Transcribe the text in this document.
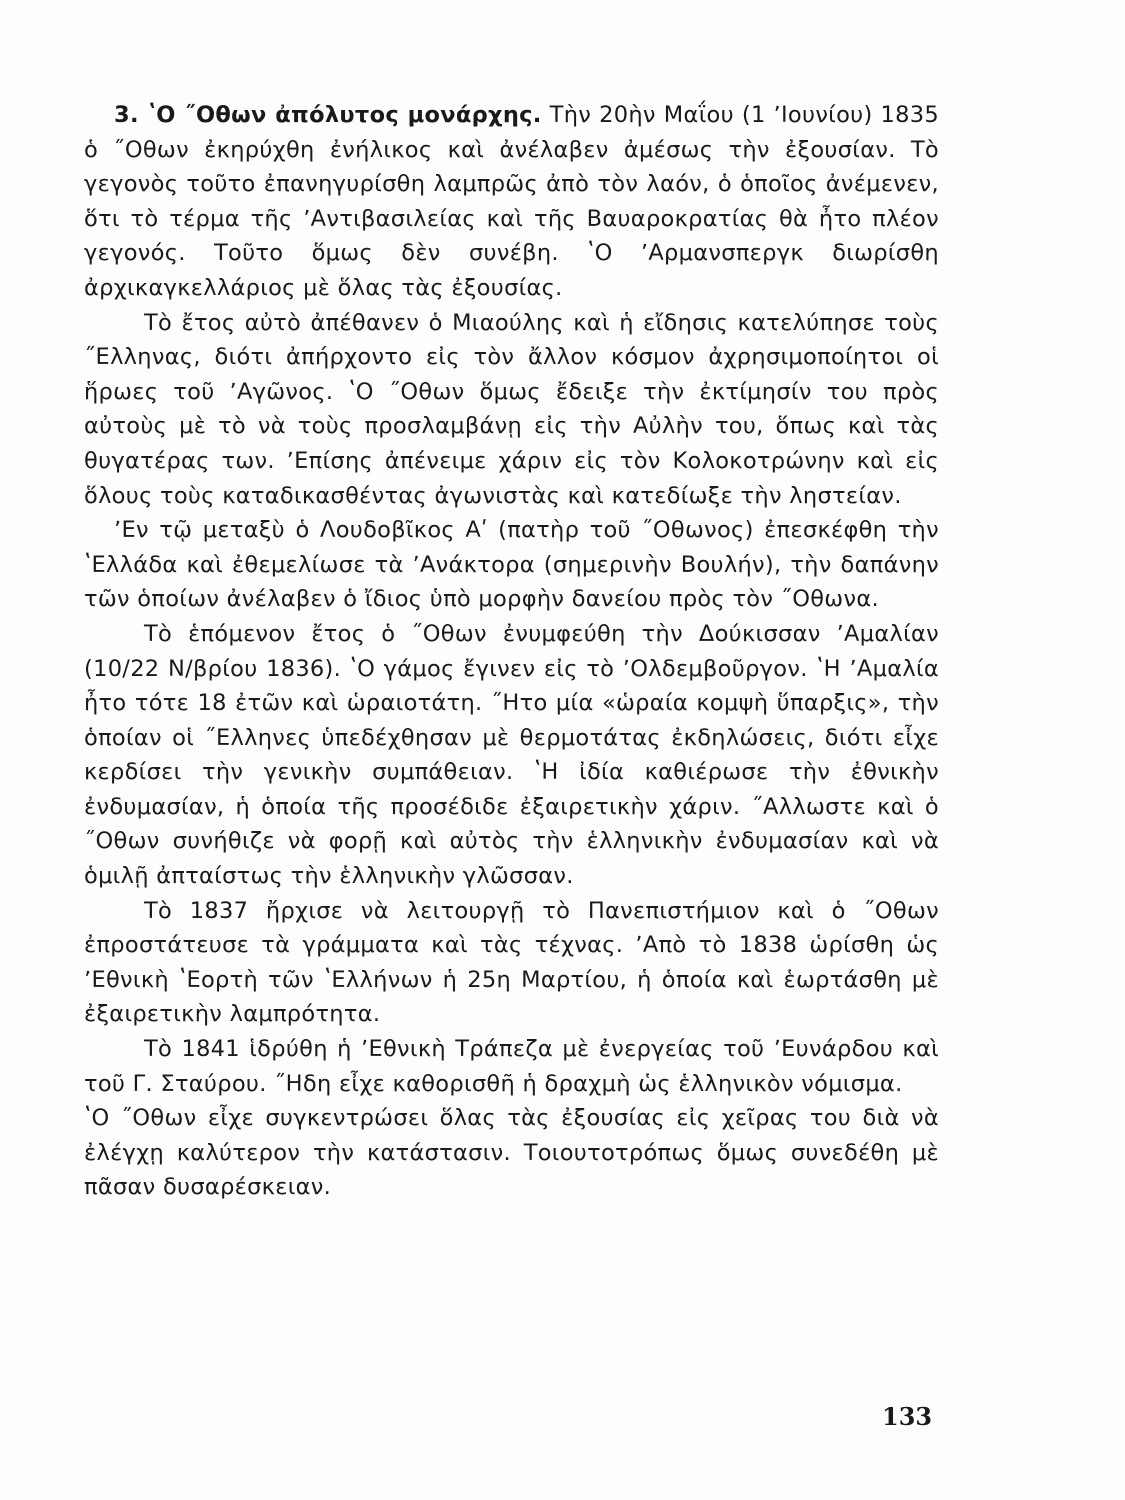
3. ʽΟ ˝Οθων ἀπόλυτος μονάρχης. Τὴν 20ὴν Μαΐου (1 ʼΙουνίου) 1835 ὁ ˝Οθων ἐκηρύχθη ἐνήλικος καὶ ἀνέλαβεν ἀμέσως τὴν ἐξουσίαν. Τὸ γεγονὸς τοῦτο ἐπανηγυρίσθη λαμπρῶς ἀπὸ τὸν λαόν, ὁ ὁποῖος ἀνέμενεν, ὅτι τὸ τέρμα τῆς ʼΑντιβασιλείας καὶ τῆς Βαυαροκρατίας θὰ ἦτο πλέον γεγονός. Τοῦτο ὅμως δὲν συνέβη. ʽΟ ʼΑρμανσπεργκ διωρίσθη ἀρχικαγκελλάριος μὲ ὅλας τὰς ἐξουσίας.

Τὸ ἔτος αὐτὸ ἀπέθανεν ὁ Μιαούλης καὶ ἡ εἴδησις κατελύπησε τοὺς ˝Ελληνας, διότι ἀπήρχοντο εἰς τὸν ἄλλον κόσμον ἀχρησιμοποίητοι οἱ ἥρωες τοῦ ʼΑγῶνος. ʽΟ ˝Οθων ὅμως ἔδειξε τὴν ἐκτίμησίν του πρὸς αὐτοὺς μὲ τὸ νὰ τοὺς προσλαμβάνῃ εἰς τὴν Αὐλὴν του, ὅπως καὶ τὰς θυγατέρας των. ʼΕπίσης ἀπένειμε χάριν εἰς τὸν Κολοκοτρώνην καὶ εἰς ὅλους τοὺς καταδικασθέντας ἀγωνιστὰς καὶ κατεδίωξε τὴν ληστείαν.

ʼΕν τῷ μεταξὺ ὁ Λουδοβῖκος Αʹ (πατὴρ τοῦ ˝Οθωνος) ἐπεσκέφθη τὴν ʽΕλλάδα καὶ ἐθεμελίωσε τὰ ʼΑνάκτορα (σημερινὴν Βουλήν), τὴν δαπάνην τῶν ὁποίων ἀνέλαβεν ὁ ἴδιος ὑπὸ μορφὴν δανείου πρὸς τὸν ˝Οθωνα.

Τὸ ἑπόμενον ἔτος ὁ ˝Οθων ἐνυμφεύθη τὴν Δούκισσαν ʼΑμαλίαν (10/22 Ν/βρίου 1836). ʽΟ γάμος ἔγινεν εἰς τὸ ʼΟλδεμβοῦργον. ʽΗ ʼΑμαλία ἦτο τότε 18 ἐτῶν καὶ ὡραιοτάτη. ˝Ητο μία «ὡραία κομψὴ ὕπαρξις», τὴν ὁποίαν οἱ ˝Ελληνες ὑπεδέχθησαν μὲ θερμοτάτας ἐκδηλώσεις, διότι εἶχε κερδίσει τὴν γενικὴν συμπάθειαν. ʽΗ ἰδία καθιέρωσε τὴν ἐθνικὴν ἐνδυμασίαν, ἡ ὁποία τῆς προσέδιδε ἐξαιρετικὴν χάριν. ˝Αλλωστε καὶ ὁ ˝Οθων συνήθιζε νὰ φορῇ καὶ αὐτὸς τὴν ἑλληνικὴν ἐνδυμασίαν καὶ νὰ ὁμιλῇ ἀπταίστως τὴν ἑλληνικὴν γλῶσσαν.

Τὸ 1837 ἤρχισε νὰ λειτουργῇ τὸ Πανεπιστήμιον καὶ ὁ ˝Οθων ἐπροστάτευσε τὰ γράμματα καὶ τὰς τέχνας. ʼΑπὸ τὸ 1838 ὡρίσθη ὡς ʼΕθνικὴ ʽΕορτὴ τῶν ʽΕλλήνων ἡ 25η Μαρτίου, ἡ ὁποία καὶ ἑωρτάσθη μὲ ἐξαιρετικὴν λαμπρότητα.

Τὸ 1841 ἱδρύθη ἡ ʼΕθνικὴ Τράπεζα μὲ ἐνεργείας τοῦ ʼΕυνάρδου καὶ τοῦ Γ. Σταύρου. ˝Ηδη εἶχε καθορισθῆ ἡ δραχμὴ ὡς ἑλληνικὸν νόμισμα.

ʽΟ ˝Οθων εἶχε συγκεντρώσει ὅλας τὰς ἐξουσίας εἰς χεῖρας του διὰ νὰ ἐλέγχῃ καλύτερον τὴν κατάστασιν. Τοιουτοτρόπως ὅμως συνεδέθη μὲ πᾶσαν δυσαρέσκειαν.

133
